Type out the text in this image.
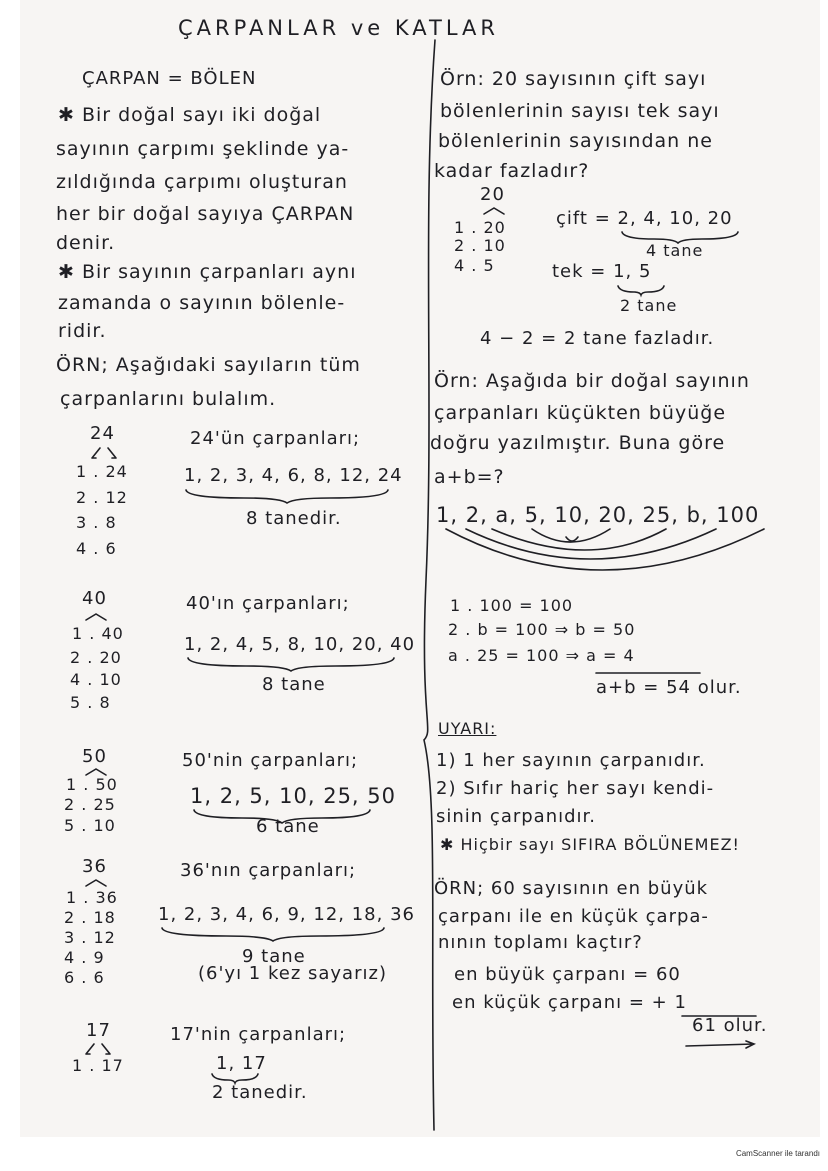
ÇARPANLAR ve KATLAR
ÇARPAN = BÖLEN
✱ Bir doğal sayı iki doğal
sayının çarpımı şeklinde ya-
zıldığında çarpımı oluşturan
her bir doğal sayıya ÇARPAN
denir.
✱ Bir sayının çarpanları aynı
zamanda o sayının bölenle-
ridir.
ÖRN; Aşağıdaki sayıların tüm
çarpanlarını bulalım.
24
1 . 24
2 . 12
3 . 8
4 . 6
24'ün çarpanları;
1, 2, 3, 4, 6, 8, 12, 24
8 tanedir.
40
1 . 40
2 . 20
4 . 10
5 . 8
40'ın çarpanları;
1, 2, 4, 5, 8, 10, 20, 40
8 tane
50
1 . 50
2 . 25
5 . 10
50'nin çarpanları;
1, 2, 5, 10, 25, 50
6 tane
36
1 . 36
2 . 18
3 . 12
4 . 9
6 . 6
36'nın çarpanları;
1, 2, 3, 4, 6, 9, 12, 18, 36
9 tane
(6'yı 1 kez sayarız)
17
1 . 17
17'nin çarpanları;
1, 17
2 tanedir.
Örn: 20 sayısının çift sayı
bölenlerinin sayısı tek sayı
bölenlerinin sayısından ne
kadar fazladır?
20
1 . 20
2 . 10
4 . 5
çift = 2, 4, 10, 20
4 tane
tek = 1, 5
2 tane
4 − 2 = 2 tane fazladır.
Örn: Aşağıda bir doğal sayının
çarpanları küçükten büyüğe
doğru yazılmıştır. Buna göre
a+b=?
1, 2, a, 5, 10, 20, 25, b, 100
1 . 100 = 100
2 . b = 100 ⇒ b = 50
a . 25 = 100 ⇒ a = 4
a+b = 54 olur.
UYARI:
1) 1 her sayının çarpanıdır.
2) Sıfır hariç her sayı kendi-
sinin çarpanıdır.
✱ Hiçbir sayı SIFIRA BÖLÜNEMEZ!
ÖRN; 60 sayısının en büyük
çarpanı ile en küçük çarpa-
nının toplamı kaçtır?
en büyük çarpanı = 60
en küçük çarpanı = + 1
61 olur.
CamScanner ile tarandı
